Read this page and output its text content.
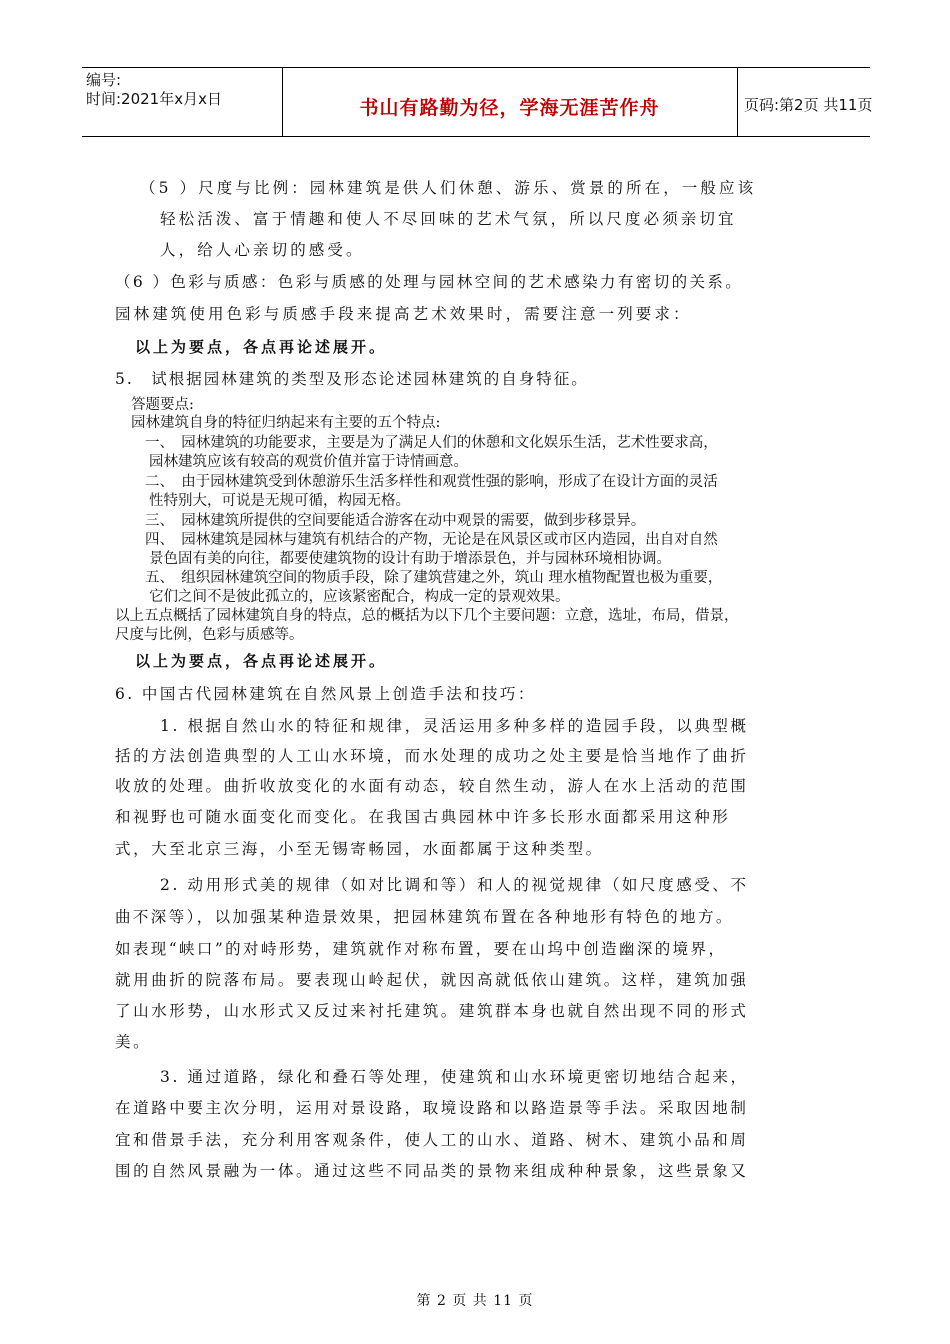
编号:
时间:2021年x月x日	书山有路勤为径，学海无涯苦作舟	页码:第2页 共11页
（5 ）尺度与比例：园林建筑是供人们休憩、游乐、赏景的所在，一般应该
轻松活泼、富于情趣和使人不尽回味的艺术气氛，所以尺度必须亲切宜
人，给人心亲切的感受。
（6 ）色彩与质感：色彩与质感的处理与园林空间的艺术感染力有密切的关系。
园林建筑使用色彩与质感手段来提高艺术效果时，需要注意一列要求：
以上为要点，各点再论述展开。
5.　试根据园林建筑的类型及形态论述园林建筑的自身特征。
答题要点:
园林建筑自身的特征归纳起来有主要的五个特点:
一、　园林建筑的功能要求，主要是为了满足人们的休憩和文化娱乐生活，艺术性要求高，
园林建筑应该有较高的观赏价值并富于诗情画意。
二、　由于园林建筑受到休憩游乐生活多样性和观赏性强的影响，形成了在设计方面的灵活
性特别大，可说是无规可循，构园无格。
三、　园林建筑所提供的空间要能适合游客在动中观景的需要，做到步移景异。
四、　园林建筑是园林与建筑有机结合的产物，无论是在风景区或市区内造园，出自对自然
景色固有美的向往，都要使建筑物的设计有助于增添景色，并与园林环境相协调。
五、　组织园林建筑空间的物质手段，除了建筑营建之外，筑山 理水植物配置也极为重要，
它们之间不是彼此孤立的，应该紧密配合，构成一定的景观效果。
以上五点概括了园林建筑自身的特点，总的概括为以下几个主要问题：立意，选址，布局，借景，
尺度与比例，色彩与质感等。
以上为要点，各点再论述展开。
6. 中国古代园林建筑在自然风景上创造手法和技巧：
1. 根据自然山水的特征和规律，灵活运用多种多样的造园手段，以典型概
括的方法创造典型的人工山水环境，而水处理的成功之处主要是恰当地作了曲折
收放的处理。曲折收放变化的水面有动态，较自然生动，游人在水上活动的范围
和视野也可随水面变化而变化。在我国古典园林中许多长形水面都采用这种形
式，大至北京三海，小至无锡寄畅园，水面都属于这种类型。
2. 动用形式美的规律（如对比调和等）和人的视觉规律（如尺度感受、不
曲不深等），以加强某种造景效果，把园林建筑布置在各种地形有特色的地方。
如表现“峡口”的对峙形势，建筑就作对称布置，要在山坞中创造幽深的境界，
就用曲折的院落布局。要表现山岭起伏，就因高就低依山建筑。这样，建筑加强
了山水形势，山水形式又反过来衬托建筑。建筑群本身也就自然出现不同的形式
美。
3. 通过道路，绿化和叠石等处理，使建筑和山水环境更密切地结合起来，
在道路中要主次分明，运用对景设路，取境设路和以路造景等手法。采取因地制
宜和借景手法，充分利用客观条件，使人工的山水、道路、树木、建筑小品和周
围的自然风景融为一体。通过这些不同品类的景物来组成种种景象，这些景象又
第 2 页 共 11 页
